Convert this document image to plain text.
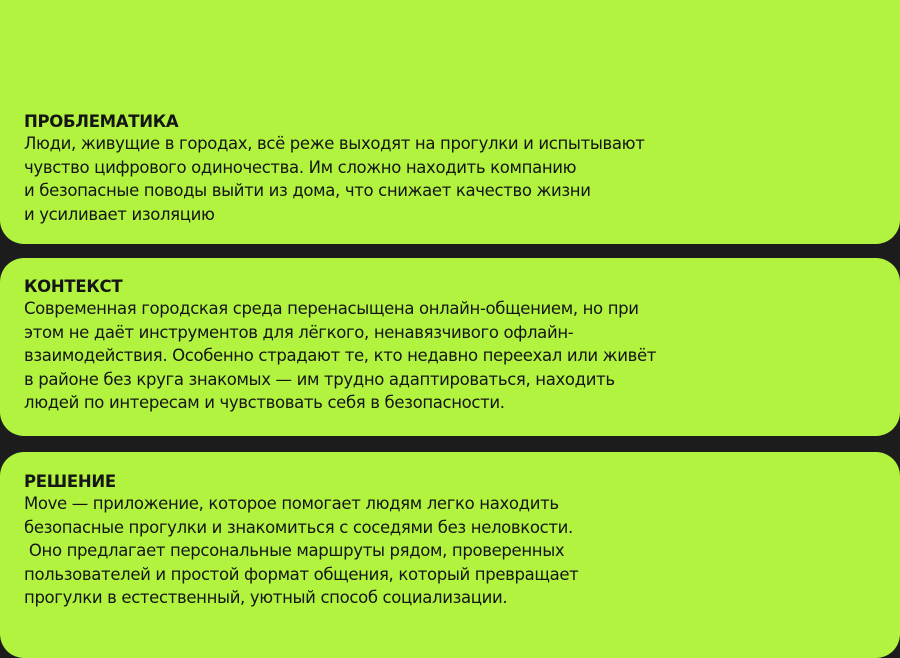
ПРОБЛЕМАТИКА

Люди, живущие в городах, всё реже выходят на прогулки и испытывают
чувство цифрового одиночества. Им сложно находить компанию
и безопасные поводы выйти из дома, что снижает качество жизни
и усиливает изоляцию

КОНТЕКСТ

Современная городская среда перенасыщена онлайн-общением, но при
этом не даёт инструментов для лёгкого, ненавязчивого офлайн-
взаимодействия. Особенно страдают те, кто недавно переехал или живёт
в районе без круга знакомых — им трудно адаптироваться, находить
людей по интересам и чувствовать себя в безопасности.

РЕШЕНИЕ

Move — приложение, которое помогает людям легко находить
безопасные прогулки и знакомиться с соседями без неловкости.
Оно предлагает персональные маршруты рядом, проверенных
пользователей и простой формат общения, который превращает
прогулки в естественный, уютный способ социализации.
